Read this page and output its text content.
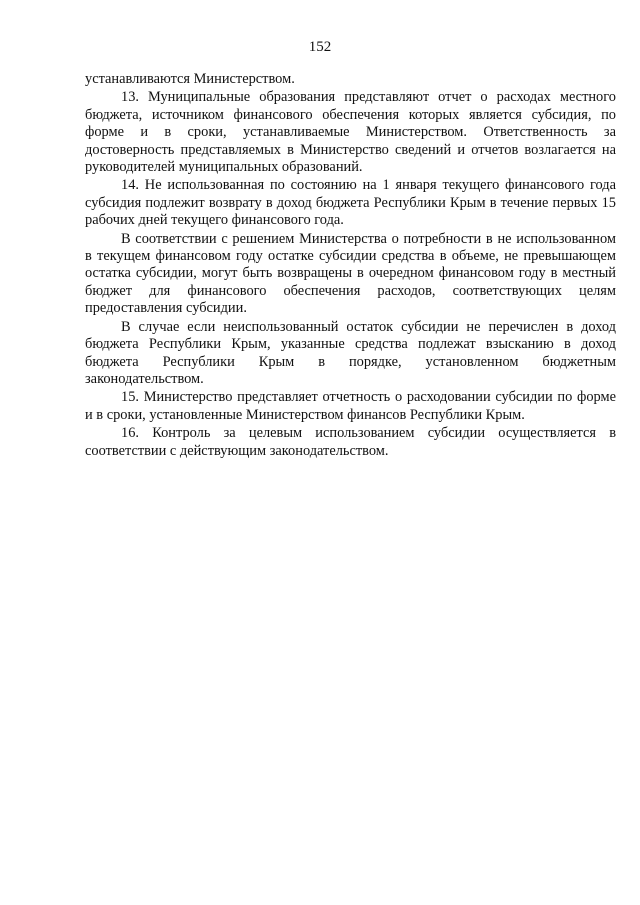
152

устанавливаются Министерством.

13. Муниципальные образования представляют отчет о расходах местного бюджета, источником финансового обеспечения которых является субсидия, по форме и в сроки, устанавливаемые Министерством. Ответственность за достоверность представляемых в Министерство сведений и отчетов возлагается на руководителей муниципальных образований.

14. Не использованная по состоянию на 1 января текущего финансового года субсидия подлежит возврату в доход бюджета Республики Крым в течение первых 15 рабочих дней текущего финансового года.

В соответствии с решением Министерства о потребности в не использованном в текущем финансовом году остатке субсидии средства в объеме, не превышающем остатка субсидии, могут быть возвращены в очередном финансовом году в местный бюджет для финансового обеспечения расходов, соответствующих целям предоставления субсидии.

В случае если неиспользованный остаток субсидии не перечислен в доход бюджета Республики Крым, указанные средства подлежат взысканию в доход бюджета Республики Крым в порядке, установленном бюджетным законодательством.

15. Министерство представляет отчетность о расходовании субсидии по форме и в сроки, установленные Министерством финансов Республики Крым.

16. Контроль за целевым использованием субсидии осуществляется в соответствии с действующим законодательством.
